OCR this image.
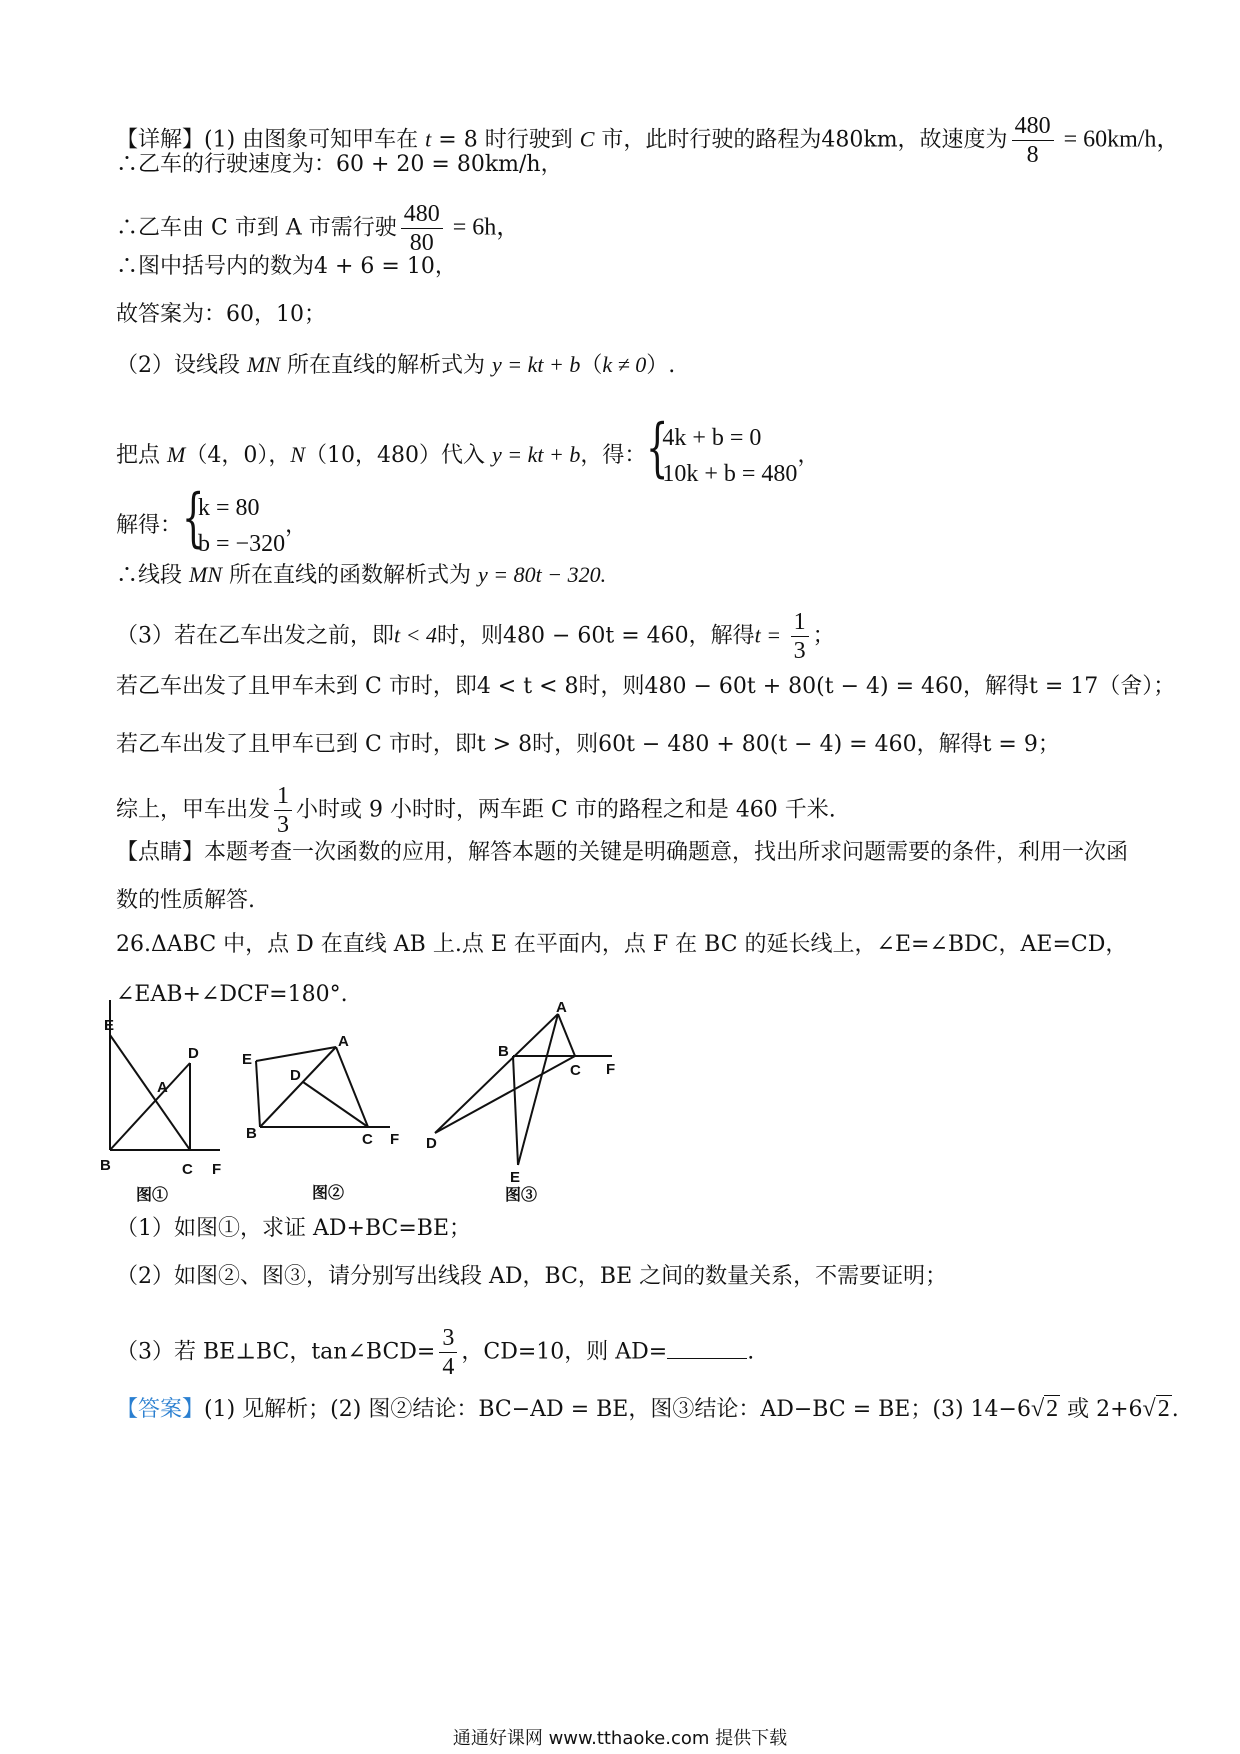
【详解】(1) 由图象可知甲车在 t = 8 时行驶到 C 市，此时行驶的路程为480km，故速度为 $\frac{480}{8} = 60km/h$，
∴乙车的行驶速度为：60 + 20 = 80km/h，
∴乙车由 C 市到 A 市需行驶 $\frac{480}{80} = 6h$，
∴图中括号内的数为4 + 6 = 10，
故答案为：60，10；
（2）设线段 MN 所在直线的解析式为 y = kt + b（k ≠ 0）.
把点 M（4，0），N（10，480）代入 y = kt + b，得： {
4k + b = 0
10k + b = 480
，
解得： {
k = 80
b = −320
，
∴线段 MN 所在直线的函数解析式为 y = 80t − 320.
（3）若在乙车出发之前，即t < 4时，则480 − 60t = 460，解得$t = \frac{1}{3}$ ；
若乙车出发了且甲车未到 C 市时，即4 < t < 8时，则480 − 60t + 80(t − 4) = 460，解得t = 17（舍）；
若乙车出发了且甲车已到 C 市时，即t > 8时，则60t − 480 + 80(t − 4) = 460，解得t = 9；
综上，甲车出发 $\frac{1}{3}$ 小时或 9 小时时，两车距 C 市的路程之和是 460 千米.
【点睛】本题考查一次函数的应用，解答本题的关键是明确题意，找出所求问题需要的条件，利用一次函
数的性质解答.
26.ΔABC 中，点 D 在直线 AB 上.点 E 在平面内，点 F 在 BC 的延长线上，∠E=∠BDC，AE=CD，
∠EAB+∠DCF=180°.
E
D
A
B	C F
图①
E
A
D
B	C F
图②
A
B
C F
D
E
图③
（1）如图①，求证 AD+BC=BE；
（2）如图②、图③，请分别写出线段 AD，BC，BE 之间的数量关系，不需要证明；
（3）若 BE⊥BC，tan∠BCD= $\frac{3}{4}$ ，CD=10，则 AD=	.
【答案】(1) 见解析；(2) 图②结论：BC−AD = BE，图③结论：AD−BC = BE；(3) 14−6√2 或 2+6√2.
通通好课网 www.tthaoke.com 提供下载
